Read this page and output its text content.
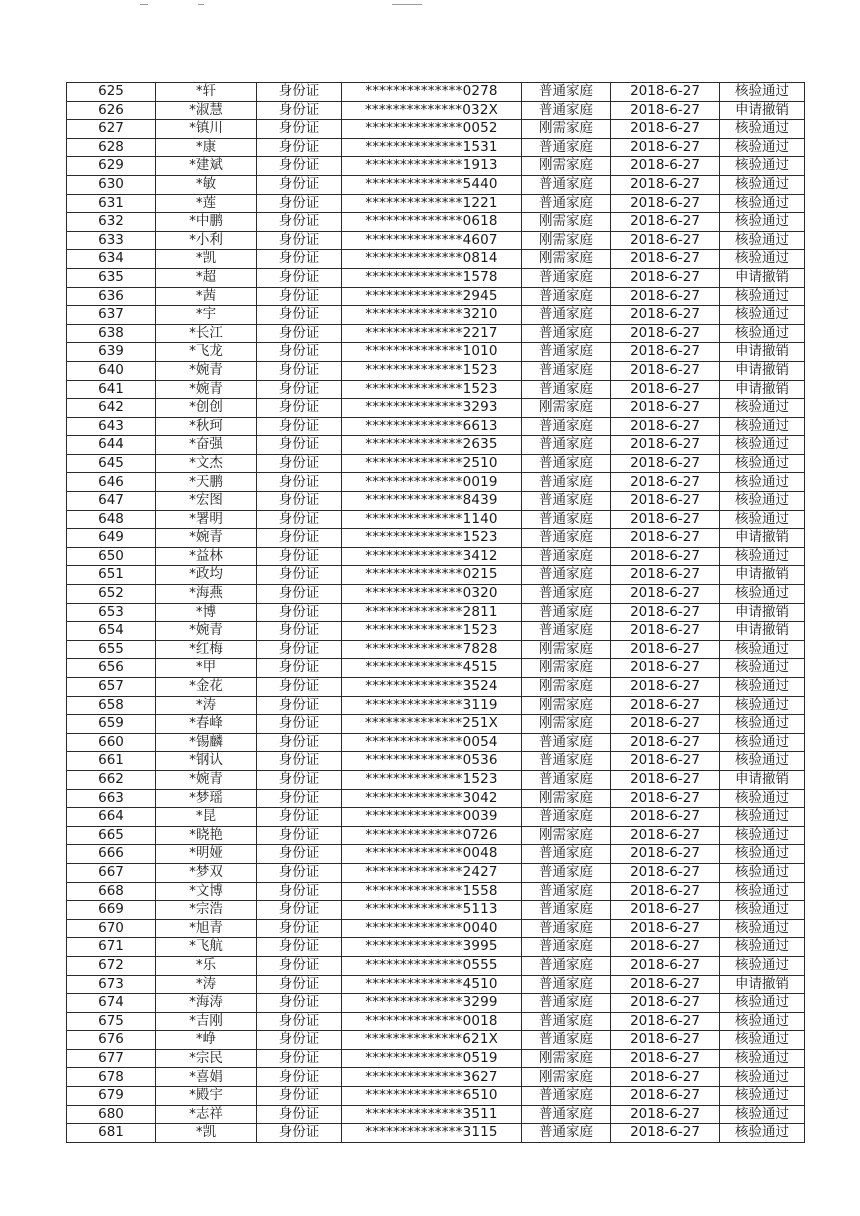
625	*轩	身份证	**************0278	普通家庭	2018-6-27	核验通过
626	*淑慧	身份证	**************032X	普通家庭	2018-6-27	申请撤销
627	*镇川	身份证	**************0052	刚需家庭	2018-6-27	核验通过
628	*康	身份证	**************1531	普通家庭	2018-6-27	核验通过
629	*建斌	身份证	**************1913	刚需家庭	2018-6-27	核验通过
630	*敏	身份证	**************5440	普通家庭	2018-6-27	核验通过
631	*莲	身份证	**************1221	普通家庭	2018-6-27	核验通过
632	*中鹏	身份证	**************0618	刚需家庭	2018-6-27	核验通过
633	*小利	身份证	**************4607	刚需家庭	2018-6-27	核验通过
634	*凯	身份证	**************0814	刚需家庭	2018-6-27	核验通过
635	*超	身份证	**************1578	普通家庭	2018-6-27	申请撤销
636	*茜	身份证	**************2945	普通家庭	2018-6-27	核验通过
637	*宇	身份证	**************3210	普通家庭	2018-6-27	核验通过
638	*长江	身份证	**************2217	普通家庭	2018-6-27	核验通过
639	*飞龙	身份证	**************1010	普通家庭	2018-6-27	申请撤销
640	*婉青	身份证	**************1523	普通家庭	2018-6-27	申请撤销
641	*婉青	身份证	**************1523	普通家庭	2018-6-27	申请撤销
642	*创创	身份证	**************3293	刚需家庭	2018-6-27	核验通过
643	*秋珂	身份证	**************6613	普通家庭	2018-6-27	核验通过
644	*奋强	身份证	**************2635	普通家庭	2018-6-27	核验通过
645	*文杰	身份证	**************2510	普通家庭	2018-6-27	核验通过
646	*天鹏	身份证	**************0019	普通家庭	2018-6-27	核验通过
647	*宏图	身份证	**************8439	普通家庭	2018-6-27	核验通过
648	*署明	身份证	**************1140	普通家庭	2018-6-27	核验通过
649	*婉青	身份证	**************1523	普通家庭	2018-6-27	申请撤销
650	*益林	身份证	**************3412	普通家庭	2018-6-27	核验通过
651	*政均	身份证	**************0215	普通家庭	2018-6-27	申请撤销
652	*海燕	身份证	**************0320	普通家庭	2018-6-27	核验通过
653	*博	身份证	**************2811	普通家庭	2018-6-27	申请撤销
654	*婉青	身份证	**************1523	普通家庭	2018-6-27	申请撤销
655	*红梅	身份证	**************7828	刚需家庭	2018-6-27	核验通过
656	*甲	身份证	**************4515	刚需家庭	2018-6-27	核验通过
657	*金花	身份证	**************3524	刚需家庭	2018-6-27	核验通过
658	*涛	身份证	**************3119	刚需家庭	2018-6-27	核验通过
659	*春峰	身份证	**************251X	刚需家庭	2018-6-27	核验通过
660	*锡麟	身份证	**************0054	普通家庭	2018-6-27	核验通过
661	*钢认	身份证	**************0536	普通家庭	2018-6-27	核验通过
662	*婉青	身份证	**************1523	普通家庭	2018-6-27	申请撤销
663	*梦瑶	身份证	**************3042	刚需家庭	2018-6-27	核验通过
664	*昆	身份证	**************0039	普通家庭	2018-6-27	核验通过
665	*晓艳	身份证	**************0726	刚需家庭	2018-6-27	核验通过
666	*明娅	身份证	**************0048	普通家庭	2018-6-27	核验通过
667	*梦双	身份证	**************2427	普通家庭	2018-6-27	核验通过
668	*文博	身份证	**************1558	普通家庭	2018-6-27	核验通过
669	*宗浩	身份证	**************5113	普通家庭	2018-6-27	核验通过
670	*旭青	身份证	**************0040	普通家庭	2018-6-27	核验通过
671	*飞航	身份证	**************3995	普通家庭	2018-6-27	核验通过
672	*乐	身份证	**************0555	普通家庭	2018-6-27	核验通过
673	*涛	身份证	**************4510	普通家庭	2018-6-27	申请撤销
674	*海涛	身份证	**************3299	普通家庭	2018-6-27	核验通过
675	*吉刚	身份证	**************0018	普通家庭	2018-6-27	核验通过
676	*峥	身份证	**************621X	普通家庭	2018-6-27	核验通过
677	*宗民	身份证	**************0519	刚需家庭	2018-6-27	核验通过
678	*喜娟	身份证	**************3627	刚需家庭	2018-6-27	核验通过
679	*殿宇	身份证	**************6510	普通家庭	2018-6-27	核验通过
680	*志祥	身份证	**************3511	普通家庭	2018-6-27	核验通过
681	*凯	身份证	**************3115	普通家庭	2018-6-27	核验通过
